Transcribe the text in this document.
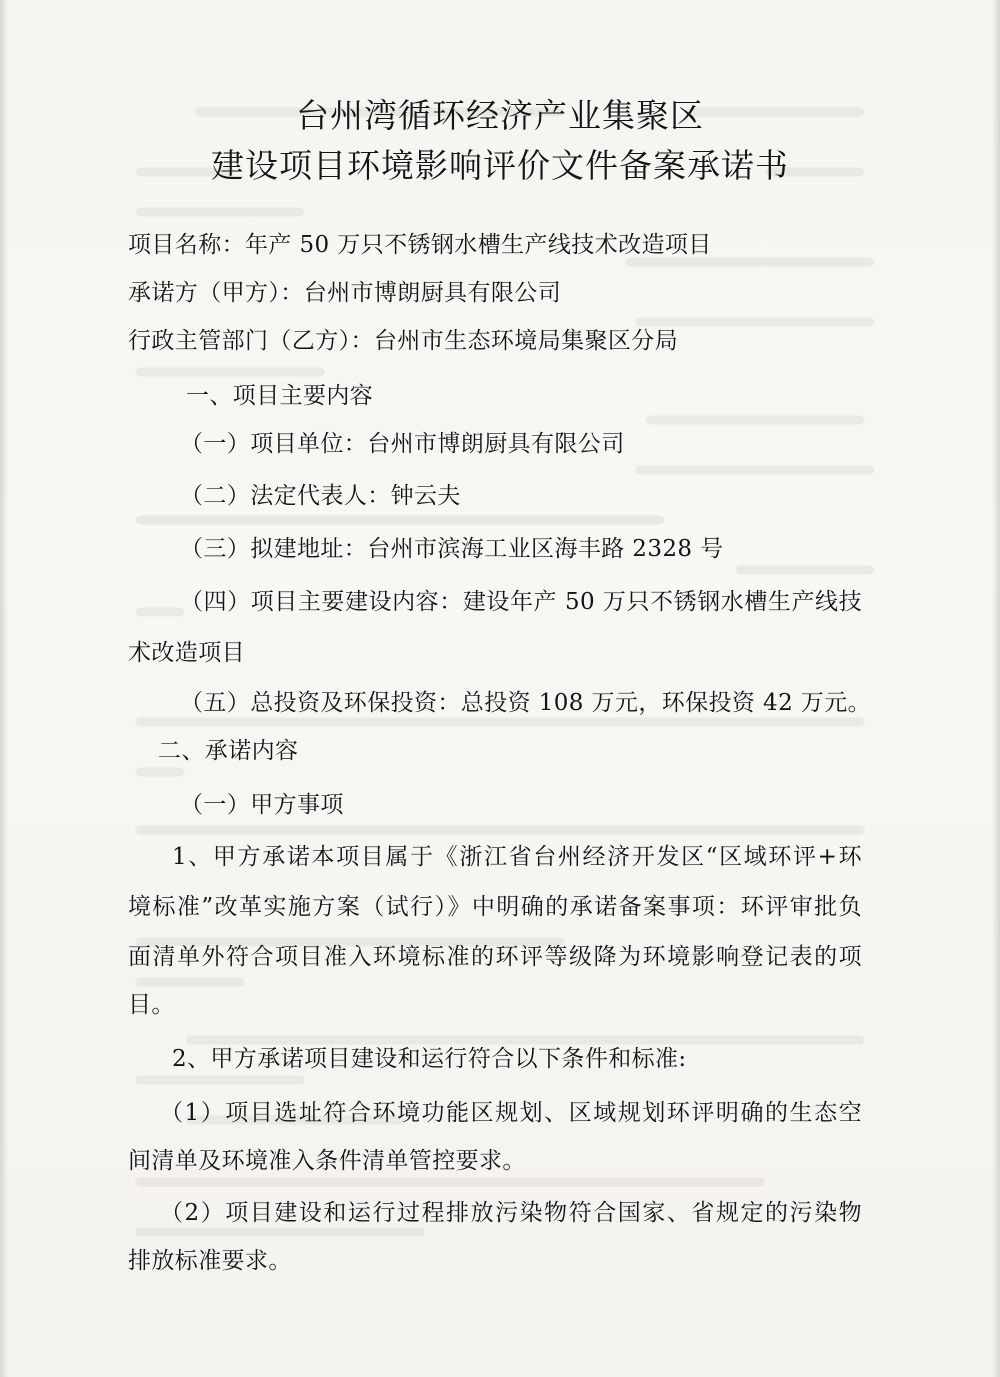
台州湾循环经济产业集聚区
建设项目环境影响评价文件备案承诺书
项目名称：年产 50 万只不锈钢水槽生产线技术改造项目
承诺方（甲方）：台州市博朗厨具有限公司
行政主管部门（乙方）：台州市生态环境局集聚区分局
一、项目主要内容
（一）项目单位：台州市博朗厨具有限公司
（二）法定代表人：钟云夫
（三）拟建地址：台州市滨海工业区海丰路 2328 号
（四）项目主要建设内容：建设年产 50 万只不锈钢水槽生产线技
术改造项目
（五）总投资及环保投资：总投资 108 万元，环保投资 42 万元。
二、承诺内容
（一）甲方事项
1、甲方承诺本项目属于《浙江省台州经济开发区“区域环评+环
境标准”改革实施方案（试行）》中明确的承诺备案事项：环评审批负
面清单外符合项目准入环境标准的环评等级降为环境影响登记表的项
目。
2、甲方承诺项目建设和运行符合以下条件和标准:
（1）项目选址符合环境功能区规划、区域规划环评明确的生态空
间清单及环境准入条件清单管控要求。
（2）项目建设和运行过程排放污染物符合国家、省规定的污染物
排放标准要求。
